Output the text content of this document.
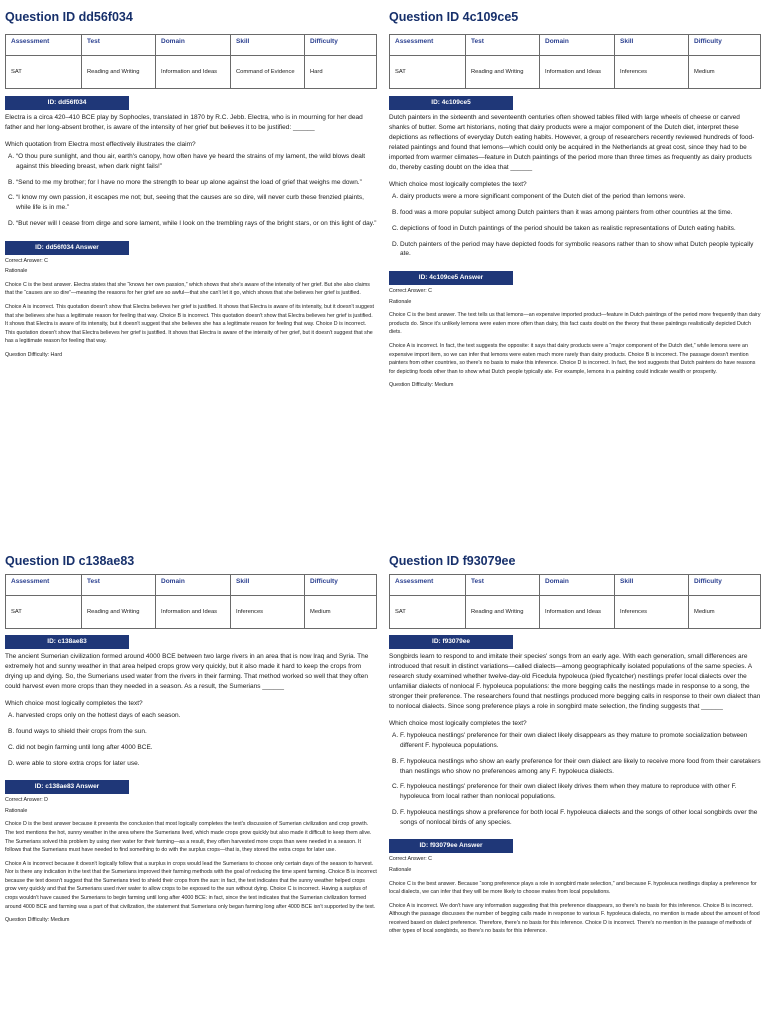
Question ID dd56f034
Assessment	Test	Domain	Skill	Difficulty
SAT	Reading and Writing	Information and Ideas	Command of Evidence	Hard
ID: dd56f034

Electra is a circa 420–410 BCE play by Sophocles, translated in 1870 by R.C. Jebb. Electra, who is in mourning for her dead father and her long-absent brother, is aware of the intensity of her grief but believes it to be justified: ______

Which quotation from Electra most effectively illustrates the claim?

A. “O thou pure sunlight, and thou air, earth's canopy, how often have ye heard the strains of my lament, the wild blows dealt against this bleeding breast, when dark night fails!”
B. “Send to me my brother; for I have no more the strength to bear up alone against the load of grief that weighs me down.”
C. “I know my own passion, it escapes me not; but, seeing that the causes are so dire, will never curb these frenzied plaints, while life is in me.”
D. “But never will I cease from dirge and sore lament, while I look on the trembling rays of the bright stars, or on this light of day.”
ID: dd56f034 Answer

Correct Answer: C

Rationale

Choice C is the best answer. Electra states that she “knows her own passion,” which shows that she's aware of the intensity of her grief. But she also claims that the “causes are so dire”—meaning the reasons for her grief are so awful—that she can't let it go, which shows that she believes her grief is justified.

Choice A is incorrect. This quotation doesn't show that Electra believes her grief is justified. It shows that Electra is aware of its intensity, but it doesn't suggest that she believes she has a legitimate reason for feeling that way. Choice B is incorrect. This quotation doesn't show that Electra believes her grief is justified. It shows that Electra is aware of its intensity, but it doesn't suggest that she believes she has a legitimate reason for feeling that way. Choice D is incorrect. This quotation doesn't show that Electra believes her grief is justified. It shows that Electra is aware of the intensity of her grief, but it doesn't suggest that she has a legitimate reason for feeling that way.

Question Difficulty: Hard

Question ID 4c109ce5
Assessment	Test	Domain	Skill	Difficulty
SAT	Reading and Writing	Information and Ideas	Inferences	Medium
ID: 4c109ce5

Dutch painters in the sixteenth and seventeenth centuries often showed tables filled with large wheels of cheese or carved shanks of butter. Some art historians, noting that dairy products were a major component of the Dutch diet, interpret these depictions as reflections of everyday Dutch eating habits. However, a group of researchers recently reviewed hundreds of food-related paintings and found that lemons—which could only be acquired in the Netherlands at great cost, since they had to be imported from warmer climates—feature in Dutch paintings of the period more than three times as frequently as dairy products do, thereby casting doubt on the idea that ______

Which choice most logically completes the text?

A. dairy products were a more significant component of the Dutch diet of the period than lemons were.
B. food was a more popular subject among Dutch painters than it was among painters from other countries at the time.
C. depictions of food in Dutch paintings of the period should be taken as realistic representations of Dutch eating habits.
D. Dutch painters of the period may have depicted foods for symbolic reasons rather than to show what Dutch people typically ate.
ID: 4c109ce5 Answer

Correct Answer: C

Rationale

Choice C is the best answer. The text tells us that lemons—an expensive imported product—feature in Dutch paintings of the period more frequently than dairy products do. Since it's unlikely lemons were eaten more often than dairy, this fact casts doubt on the theory that these paintings realistically depicted Dutch diets.

Choice A is incorrect. In fact, the text suggests the opposite: it says that dairy products were a “major component of the Dutch diet,” while lemons were an expensive import item, so we can infer that lemons were eaten much more rarely than dairy products. Choice B is incorrect. The passage doesn't mention painters from other countries, so there's no basis to make this inference. Choice D is incorrect. In fact, the text suggests that Dutch painters do have reasons for depicting foods other than to show what Dutch people typically ate. For example, lemons in a painting could indicate wealth or prosperity.

Question Difficulty: Medium

Question ID c138ae83
Assessment	Test	Domain	Skill	Difficulty
SAT	Reading and Writing	Information and Ideas	Inferences	Medium
ID: c138ae83

The ancient Sumerian civilization formed around 4000 BCE between two large rivers in an area that is now Iraq and Syria. The extremely hot and sunny weather in that area helped crops grow very quickly, but it also made it hard to keep the crops from drying up and dying. So, the Sumerians used water from the rivers in their farming. That method worked so well that they often could harvest even more crops than they needed in a season. As a result, the Sumerians ______

Which choice most logically completes the text?

A. harvested crops only on the hottest days of each season.
B. found ways to shield their crops from the sun.
C. did not begin farming until long after 4000 BCE.
D. were able to store extra crops for later use.
ID: c138ae83 Answer

Correct Answer: D

Rationale

Choice D is the best answer because it presents the conclusion that most logically completes the text's discussion of Sumerian civilization and crop growth. The text mentions the hot, sunny weather in the area where the Sumerians lived, which made crops grow quickly but also made it difficult to keep them alive. The Sumerians solved this problem by using river water for their farming—as a result, they often harvested more crops than were needed in a season. It follows that the Sumerians must have needed to find something to do with the surplus crops—that is, they stored the extra crops for later use.

Choice A is incorrect because it doesn't logically follow that a surplus in crops would lead the Sumerians to choose only certain days of the season to harvest. Nor is there any indication in the text that the Sumerians improved their farming methods with the goal of reducing the time spent farming. Choice B is incorrect because the text doesn't suggest that the Sumerians tried to shield their crops from the sun: in fact, the text indicates that the sunny weather helped crops grow very quickly and that the Sumerians used river water to allow crops to be exposed to the sun without dying. Choice C is incorrect. Having a surplus of crops wouldn't have caused the Sumerians to begin farming until long after 4000 BCE: in fact, since the text indicates that the Sumerian civilization formed around 4000 BCE and farming was a part of that civilization, the statement that Sumerians only began farming long after 4000 BCE isn't supported by the text.

Question Difficulty: Medium

Question ID f93079ee
Assessment	Test	Domain	Skill	Difficulty
SAT	Reading and Writing	Information and Ideas	Inferences	Medium
ID: f93079ee

Songbirds learn to respond to and imitate their species' songs from an early age. With each generation, small differences are introduced that result in distinct variations—called dialects—among geographically isolated populations of the same species. A research study examined whether twelve-day-old Ficedula hypoleuca (pied flycatcher) nestlings prefer local dialects over the unfamiliar dialects of nonlocal F. hypoleuca populations: the more begging calls the nestlings made in response to a song, the stronger their preference. The researchers found that nestlings produced more begging calls in response to their own dialect than to nonlocal dialects. Since song preference plays a role in songbird mate selection, the finding suggests that ______

Which choice most logically completes the text?

A. F. hypoleuca nestlings' preference for their own dialect likely disappears as they mature to promote socialization between different F. hypoleuca populations.
B. F. hypoleuca nestlings who show an early preference for their own dialect are likely to receive more food from their caretakers than nestlings who show no preferences among any F. hypoleuca dialects.
C. F. hypoleuca nestlings' preference for their own dialect likely drives them when they mature to reproduce with other F. hypoleuca from local rather than nonlocal populations.
D. F. hypoleuca nestlings show a preference for both local F. hypoleuca dialects and the songs of other local songbirds over the songs of nonlocal birds of any species.
ID: f93079ee Answer

Correct Answer: C

Rationale

Choice C is the best answer. Because “song preference plays a role in songbird mate selection,” and because F. hypoleuca nestlings display a preference for local dialects, we can infer that they will be more likely to choose mates from local populations.

Choice A is incorrect. We don't have any information suggesting that this preference disappears, so there's no basis for this inference. Choice B is incorrect. Although the passage discusses the number of begging calls made in response to various F. hypoleuca dialects, no mention is made about the amount of food received based on dialect preference. Therefore, there's no basis for this inference. Choice D is incorrect. There's no mention in the passage of methods of other types of local songbirds, so there's no basis for this inference.
